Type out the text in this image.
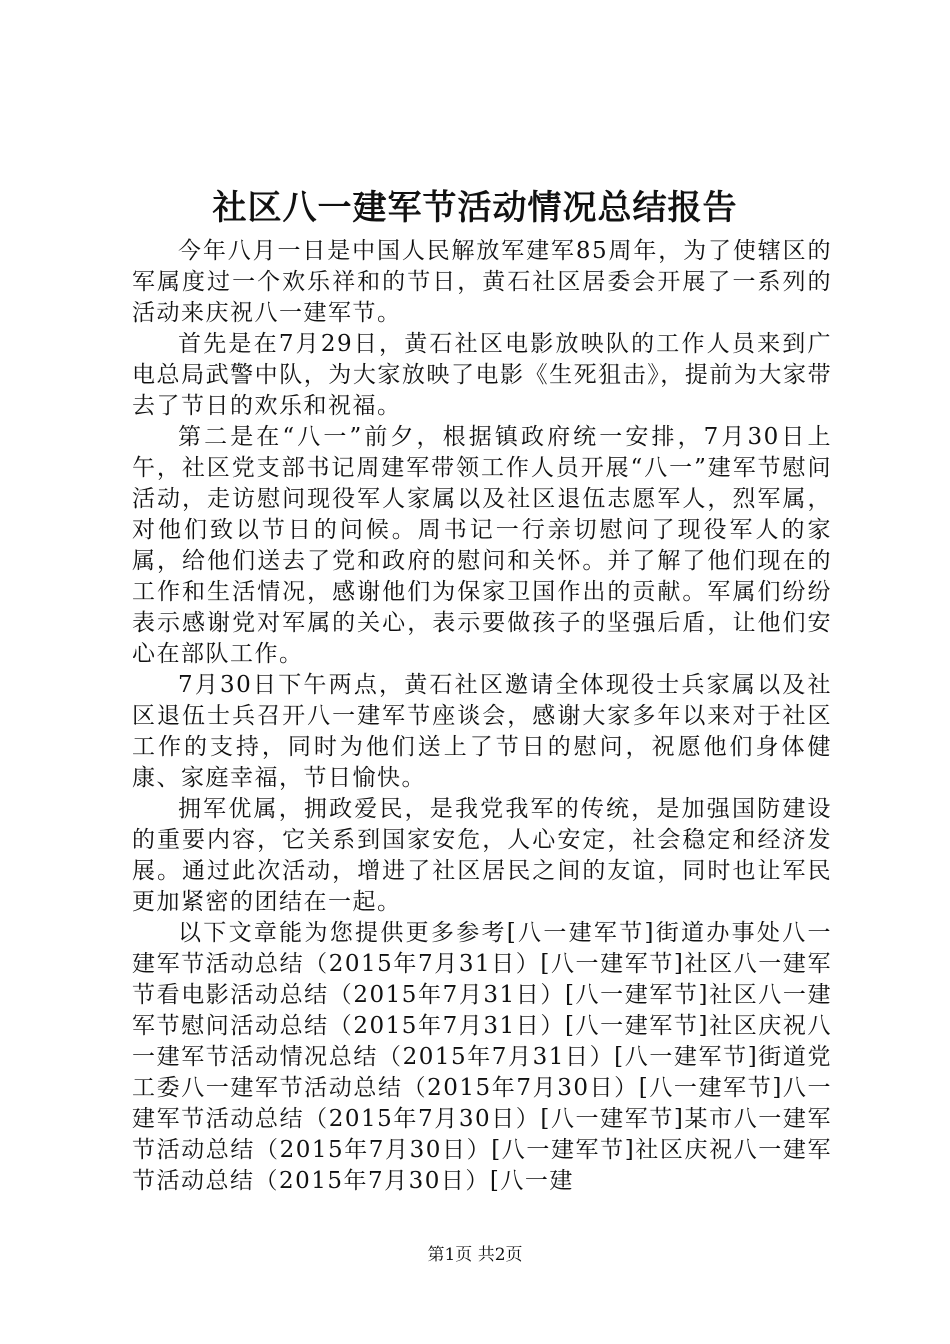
社区八一建军节活动情况总结报告

今年八月一日是中国人民解放军建军85周年，为了使辖区的军属度过一个欢乐祥和的节日，黄石社区居委会开展了一系列的活动来庆祝八一建军节。

首先是在7月29日，黄石社区电影放映队的工作人员来到广电总局武警中队，为大家放映了电影《生死狙击》，提前为大家带去了节日的欢乐和祝福。

第二是在“八一”前夕，根据镇政府统一安排，7月30日上午，社区党支部书记周建军带领工作人员开展“八一”建军节慰问活动，走访慰问现役军人家属以及社区退伍志愿军人，烈军属，对他们致以节日的问候。周书记一行亲切慰问了现役军人的家属，给他们送去了党和政府的慰问和关怀。并了解了他们现在的工作和生活情况，感谢他们为保家卫国作出的贡献。军属们纷纷表示感谢党对军属的关心，表示要做孩子的坚强后盾，让他们安心在部队工作。

7月30日下午两点，黄石社区邀请全体现役士兵家属以及社区退伍士兵召开八一建军节座谈会，感谢大家多年以来对于社区工作的支持，同时为他们送上了节日的慰问，祝愿他们身体健康、家庭幸福，节日愉快。

拥军优属，拥政爱民，是我党我军的传统，是加强国防建设的重要内容，它关系到国家安危，人心安定，社会稳定和经济发展。通过此次活动，增进了社区居民之间的友谊，同时也让军民更加紧密的团结在一起。

以下文章能为您提供更多参考[八一建军节]街道办事处八一建军节活动总结（2015年7月31日）[八一建军节]社区八一建军节看电影活动总结（2015年7月31日）[八一建军节]社区八一建军节慰问活动总结（2015年7月31日）[八一建军节]社区庆祝八一建军节活动情况总结（2015年7月31日）[八一建军节]街道党工委八一建军节活动总结（2015年7月30日）[八一建军节]八一建军节活动总结（2015年7月30日）[八一建军节]某市八一建军节活动总结（2015年7月30日）[八一建军节]社区庆祝八一建军节活动总结（2015年7月30日）[八一建

第1页 共2页
